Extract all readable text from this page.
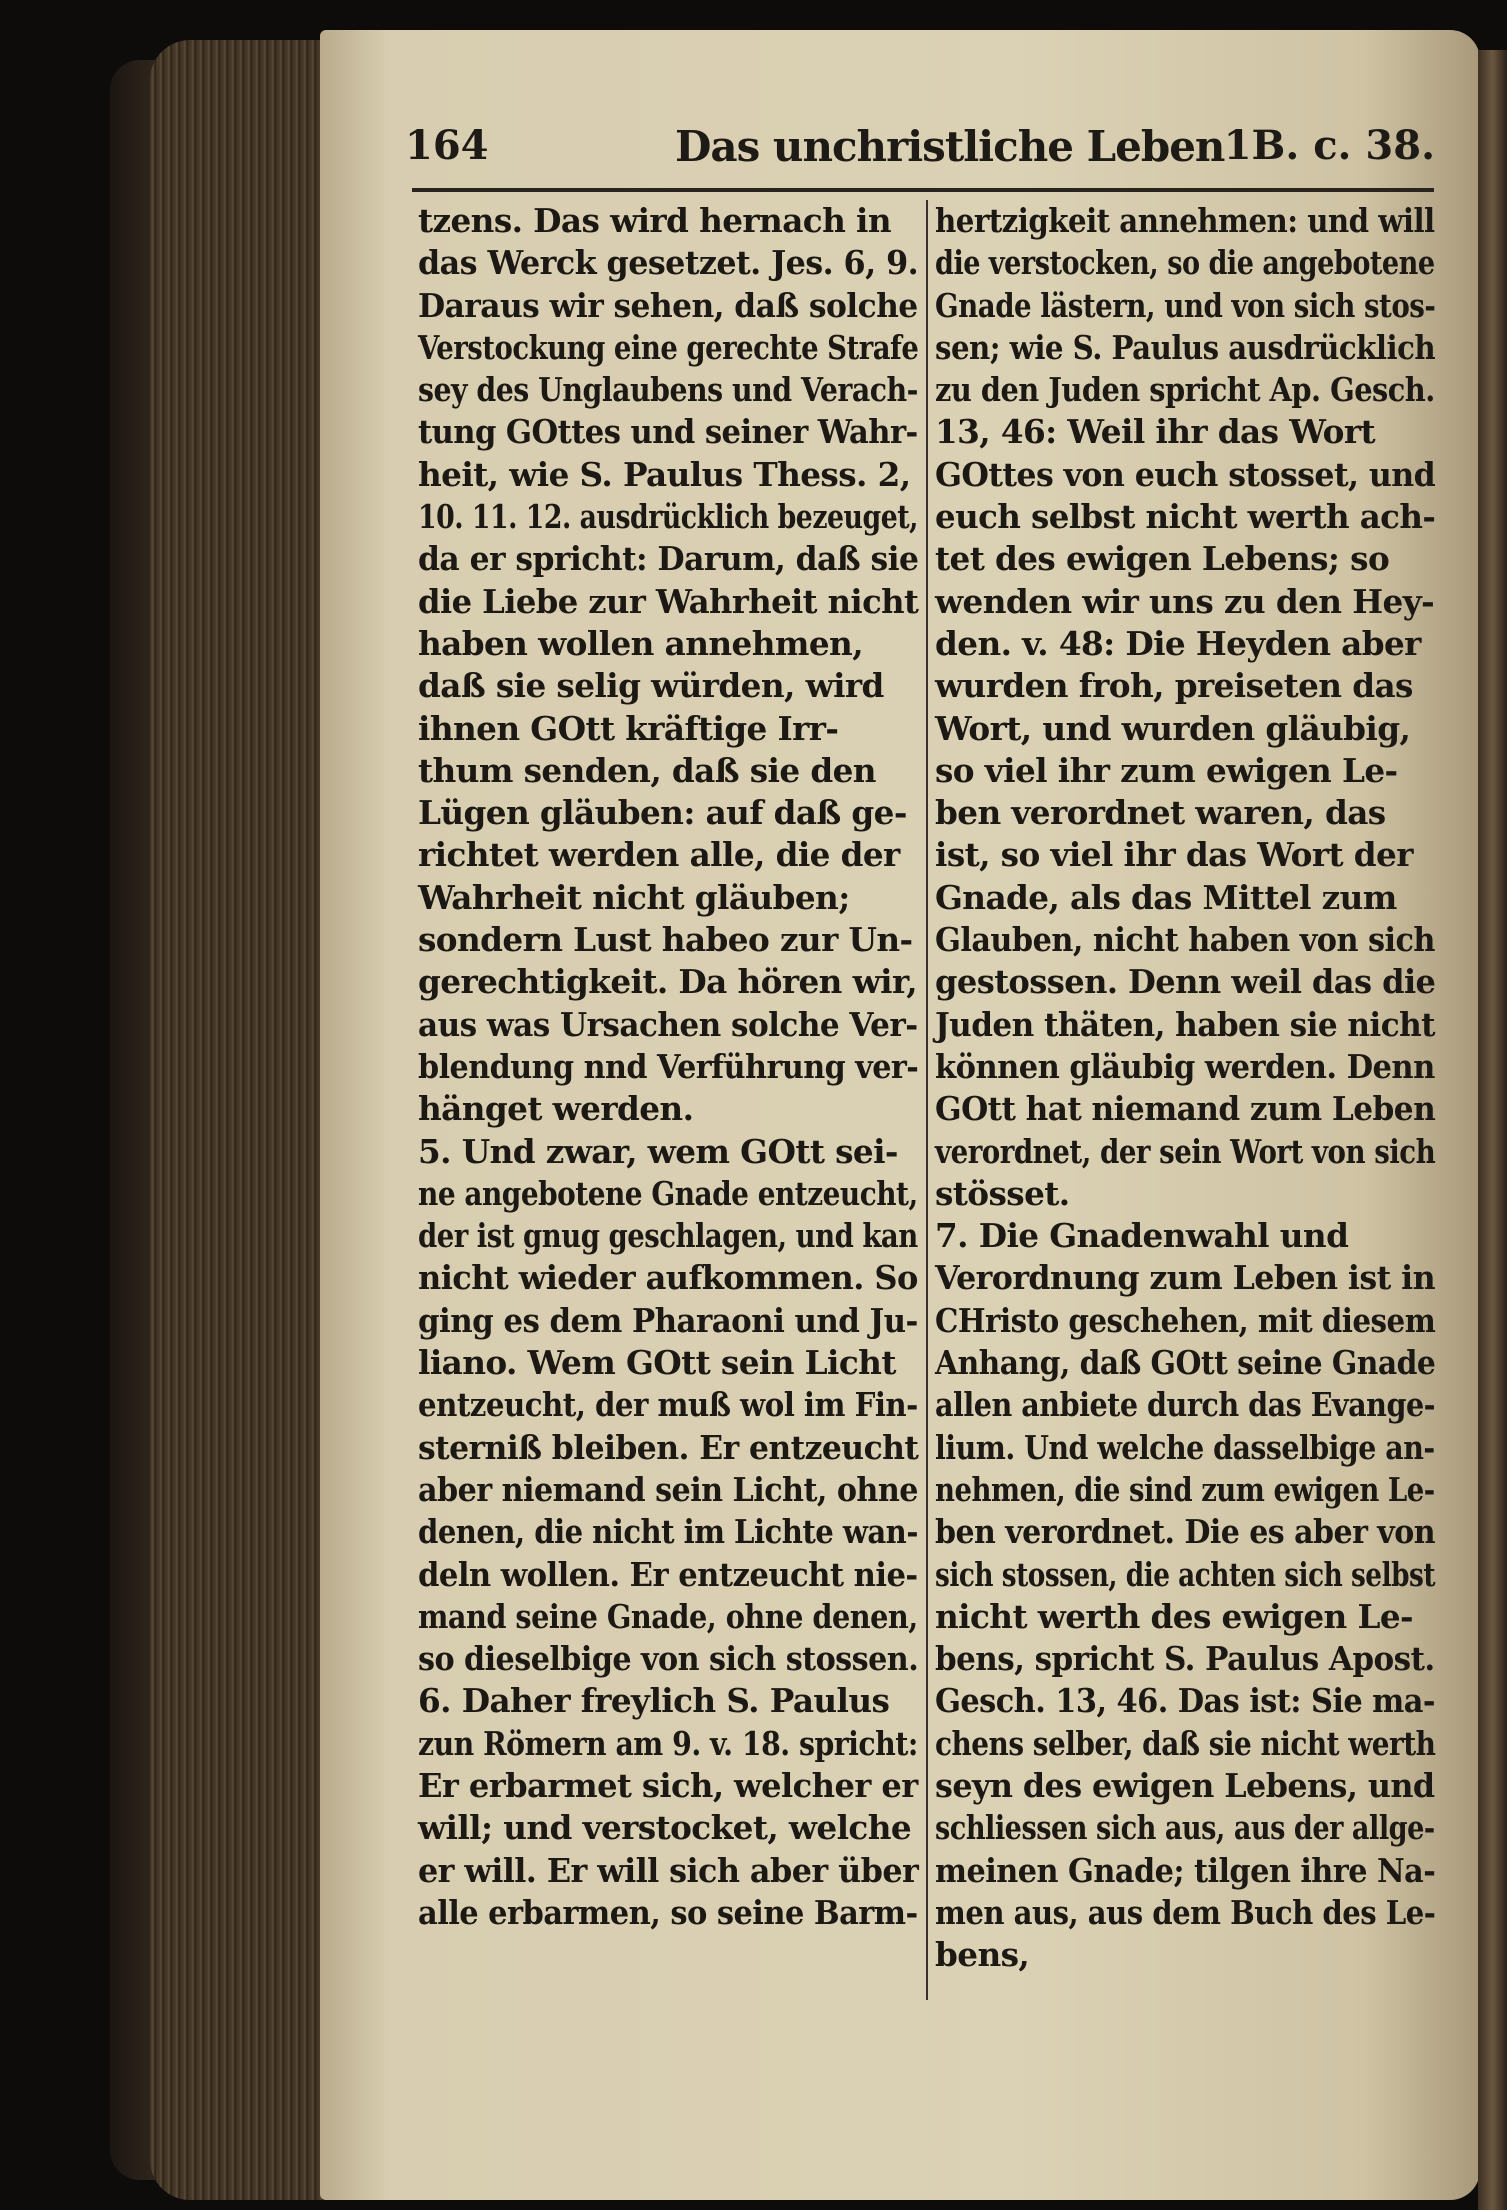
164	Das unchristliche Leben 1B. c. 38.
tzens. Das wird hernach in
das Werck gesetzet. Jes. 6, 9.
Daraus wir sehen, daß solche
Verstockung eine gerechte Strafe
sey des Unglaubens und Verach-
tung GOttes und seiner Wahr-
heit, wie S. Paulus Thess. 2,
10. 11. 12. ausdrücklich bezeuget,
da er spricht: Darum, daß sie
die Liebe zur Wahrheit nicht
haben wollen annehmen,
daß sie selig würden, wird
ihnen GOtt kräftige Irr-
thum senden, daß sie den
Lügen gläuben: auf daß ge-
richtet werden alle, die der
Wahrheit nicht gläuben;
sondern Lust habeo zur Un-
gerechtigkeit. Da hören wir,
aus was Ursachen solche Ver-
blendung nnd Verführung ver-
hänget werden.
5. Und zwar, wem GOtt sei-
ne angebotene Gnade entzeucht,
der ist gnug geschlagen, und kan
nicht wieder aufkommen. So
ging es dem Pharaoni und Ju-
liano. Wem GOtt sein Licht
entzeucht, der muß wol im Fin-
sterniß bleiben. Er entzeucht
aber niemand sein Licht, ohne
denen, die nicht im Lichte wan-
deln wollen. Er entzeucht nie-
mand seine Gnade, ohne denen,
so dieselbige von sich stossen.
6. Daher freylich S. Paulus
zun Römern am 9. v. 18. spricht:
Er erbarmet sich, welcher er
will; und verstocket, welche
er will. Er will sich aber über
alle erbarmen, so seine Barm-
hertzigkeit annehmen: und will
die verstocken, so die angebotene
Gnade lästern, und von sich stos-
sen; wie S. Paulus ausdrücklich
zu den Juden spricht Ap. Gesch.
13, 46: Weil ihr das Wort
GOttes von euch stosset, und
euch selbst nicht werth ach-
tet des ewigen Lebens; so
wenden wir uns zu den Hey-
den. v. 48: Die Heyden aber
wurden froh, preiseten das
Wort, und wurden gläubig,
so viel ihr zum ewigen Le-
ben verordnet waren, das
ist, so viel ihr das Wort der
Gnade, als das Mittel zum
Glauben, nicht haben von sich
gestossen. Denn weil das die
Juden thäten, haben sie nicht
können gläubig werden. Denn
GOtt hat niemand zum Leben
verordnet, der sein Wort von sich
stösset.
7. Die Gnadenwahl und
Verordnung zum Leben ist in
CHristo geschehen, mit diesem
Anhang, daß GOtt seine Gnade
allen anbiete durch das Evange-
lium. Und welche dasselbige an-
nehmen, die sind zum ewigen Le-
ben verordnet. Die es aber von
sich stossen, die achten sich selbst
nicht werth des ewigen Le-
bens, spricht S. Paulus Apost.
Gesch. 13, 46. Das ist: Sie ma-
chens selber, daß sie nicht werth
seyn des ewigen Lebens, und
schliessen sich aus, aus der allge-
meinen Gnade; tilgen ihre Na-
men aus, aus dem Buch des Le-
bens,
